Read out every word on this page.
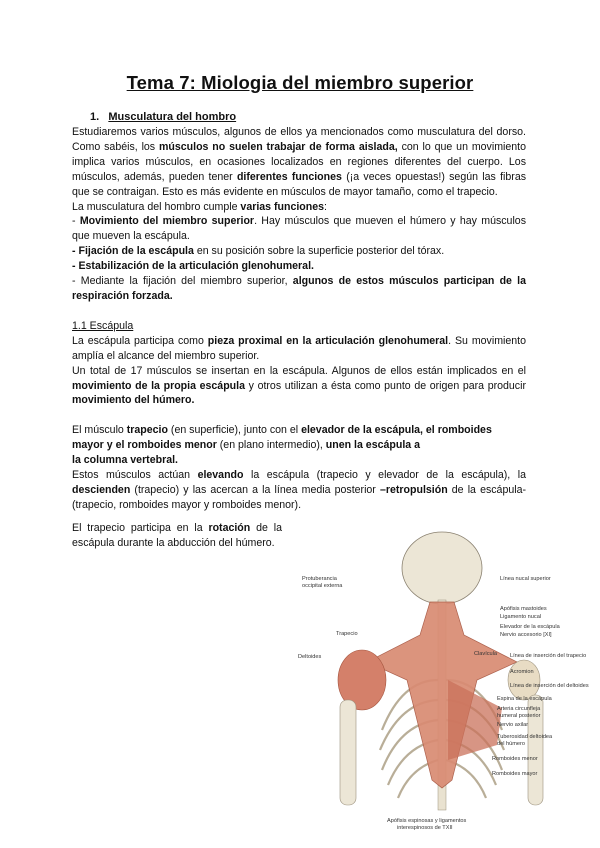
Tema 7: Miologia del miembro superior
1. Musculatura del hombro

Estudiaremos varios músculos, algunos de ellos ya mencionados como musculatura del dorso. Como sabéis, los músculos no suelen trabajar de forma aislada, con lo que un movimiento implica varios músculos, en ocasiones localizados en regiones diferentes del cuerpo. Los músculos, además, pueden tener diferentes funciones (¡a veces opuestas!) según las fibras que se contraigan. Esto es más evidente en músculos de mayor tamaño, como el trapecio.

La musculatura del hombro cumple varias funciones:

- Movimiento del miembro superior. Hay músculos que mueven el húmero y hay músculos que mueven la escápula.

- Fijación de la escápula en su posición sobre la superficie posterior del tórax.

- Estabilización de la articulación glenohumeral.

- Mediante la fijación del miembro superior, algunos de estos músculos participan de la respiración forzada.

1.1 Escápula

La escápula participa como pieza proximal en la articulación glenohumeral. Su movimiento amplía el alcance del miembro superior.

Un total de 17 músculos se insertan en la escápula. Algunos de ellos están implicados en el movimiento de la propia escápula y otros utilizan a ésta como punto de origen para producir movimiento del húmero.

El músculo trapecio (en superficie), junto con el elevador de la escápula, el romboides mayor y el romboides menor (en plano intermedio), unen la escápula a
la columna vertebral.

Estos músculos actúan elevando la escápula (trapecio y elevador de la escápula), la descienden (trapecio) y las acercan a la línea media posterior –retropulsión de la escápula- (trapecio, romboides mayor y romboides menor).

El trapecio participa en la rotación de la escápula durante la abducción del húmero.
Protuberancia
occipital externa
Línea nucal superior
Apófisis mastoides
Ligamento nucal
Elevador de la escápula
Nervio accesorio [XI]
Trapecio
Clavícula
Deltoides	Línea de inserción del trapecio
Acromion
Línea de inserción del deltoides
Espina de la escápula
Arteria circunfleja
humeral posterior
Nervio axilar
Tuberosidad deltoidea
del húmero
Romboides menor
Romboides mayor
Apófisis espinosas y ligamentos
interespinosos de TXII
